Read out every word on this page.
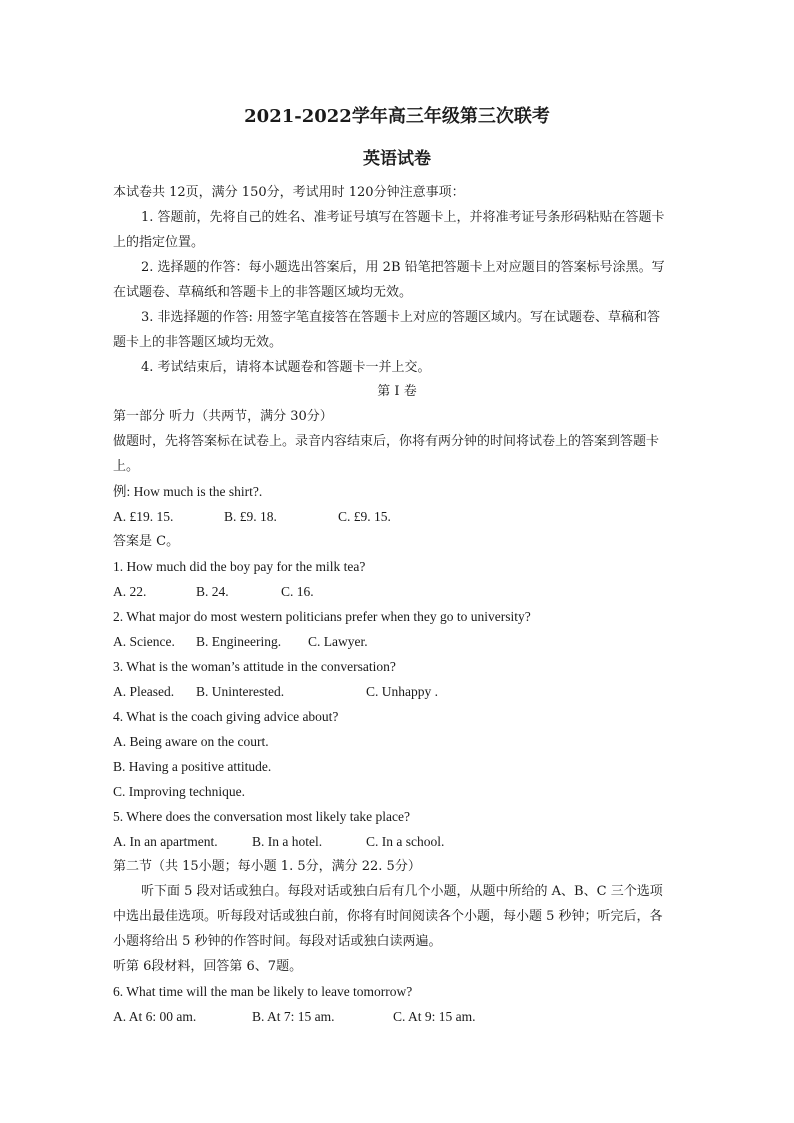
2021-2022学年高三年级第三次联考
英语试卷
本试卷共 12页，满分 150分，考试用时 120分钟注意事项：
1. 答题前，先将自己的姓名、准考证号填写在答题卡上，并将准考证号条形码粘贴在答题卡
上的指定位置。
2. 选择题的作答：每小题选出答案后，用 2B 铅笔把答题卡上对应题目的答案标号涂黑。写
在试题卷、草稿纸和答题卡上的非答题区域均无效。
3. 非选择题的作答: 用签字笔直接答在答题卡上对应的答题区域内。写在试题卷、草稿和答
题卡上的非答题区域均无效。
4. 考试结束后，请将本试题卷和答题卡一并上交。
第 I 卷
第一部分 听力（共两节，满分 30分）
做题时，先将答案标在试卷上。录音内容结束后，你将有两分钟的时间将试卷上的答案到答题卡
上。
例: How much is the shirt?.
A. £19. 15.	B. £9. 18.	C. £9. 15.
答案是 C。
1. How much did the boy pay for the milk tea?
A. 22.	B. 24.	C. 16.
2. What major do most western politicians prefer when they go to university?
A. Science. B. Engineering. C. Lawyer.
3. What is the woman’s attitude in the conversation?
A. Pleased. B. Uninterested.	C. Unhappy .
4. What is the coach giving advice about?
A. Being aware on the court.
B. Having a positive attitude.
C. Improving technique.
5. Where does the conversation most likely take place?
A. In an apartment.	B. In a hotel.	C. In a school.
第二节（共 15小题；每小题 1. 5分，满分 22. 5分）
听下面 5 段对话或独白。每段对话或独白后有几个小题，从题中所给的 A、B、C 三个选项
中选出最佳选项。听每段对话或独白前，你将有时间阅读各个小题，每小题 5 秒钟；听完后，各
小题将给出 5 秒钟的作答时间。每段对话或独白读两遍。
听第 6段材料，回答第 6、7题。
6. What time will the man be likely to leave tomorrow?
A. At 6: 00 am.	B. At 7: 15 am.	C. At 9: 15 am.
